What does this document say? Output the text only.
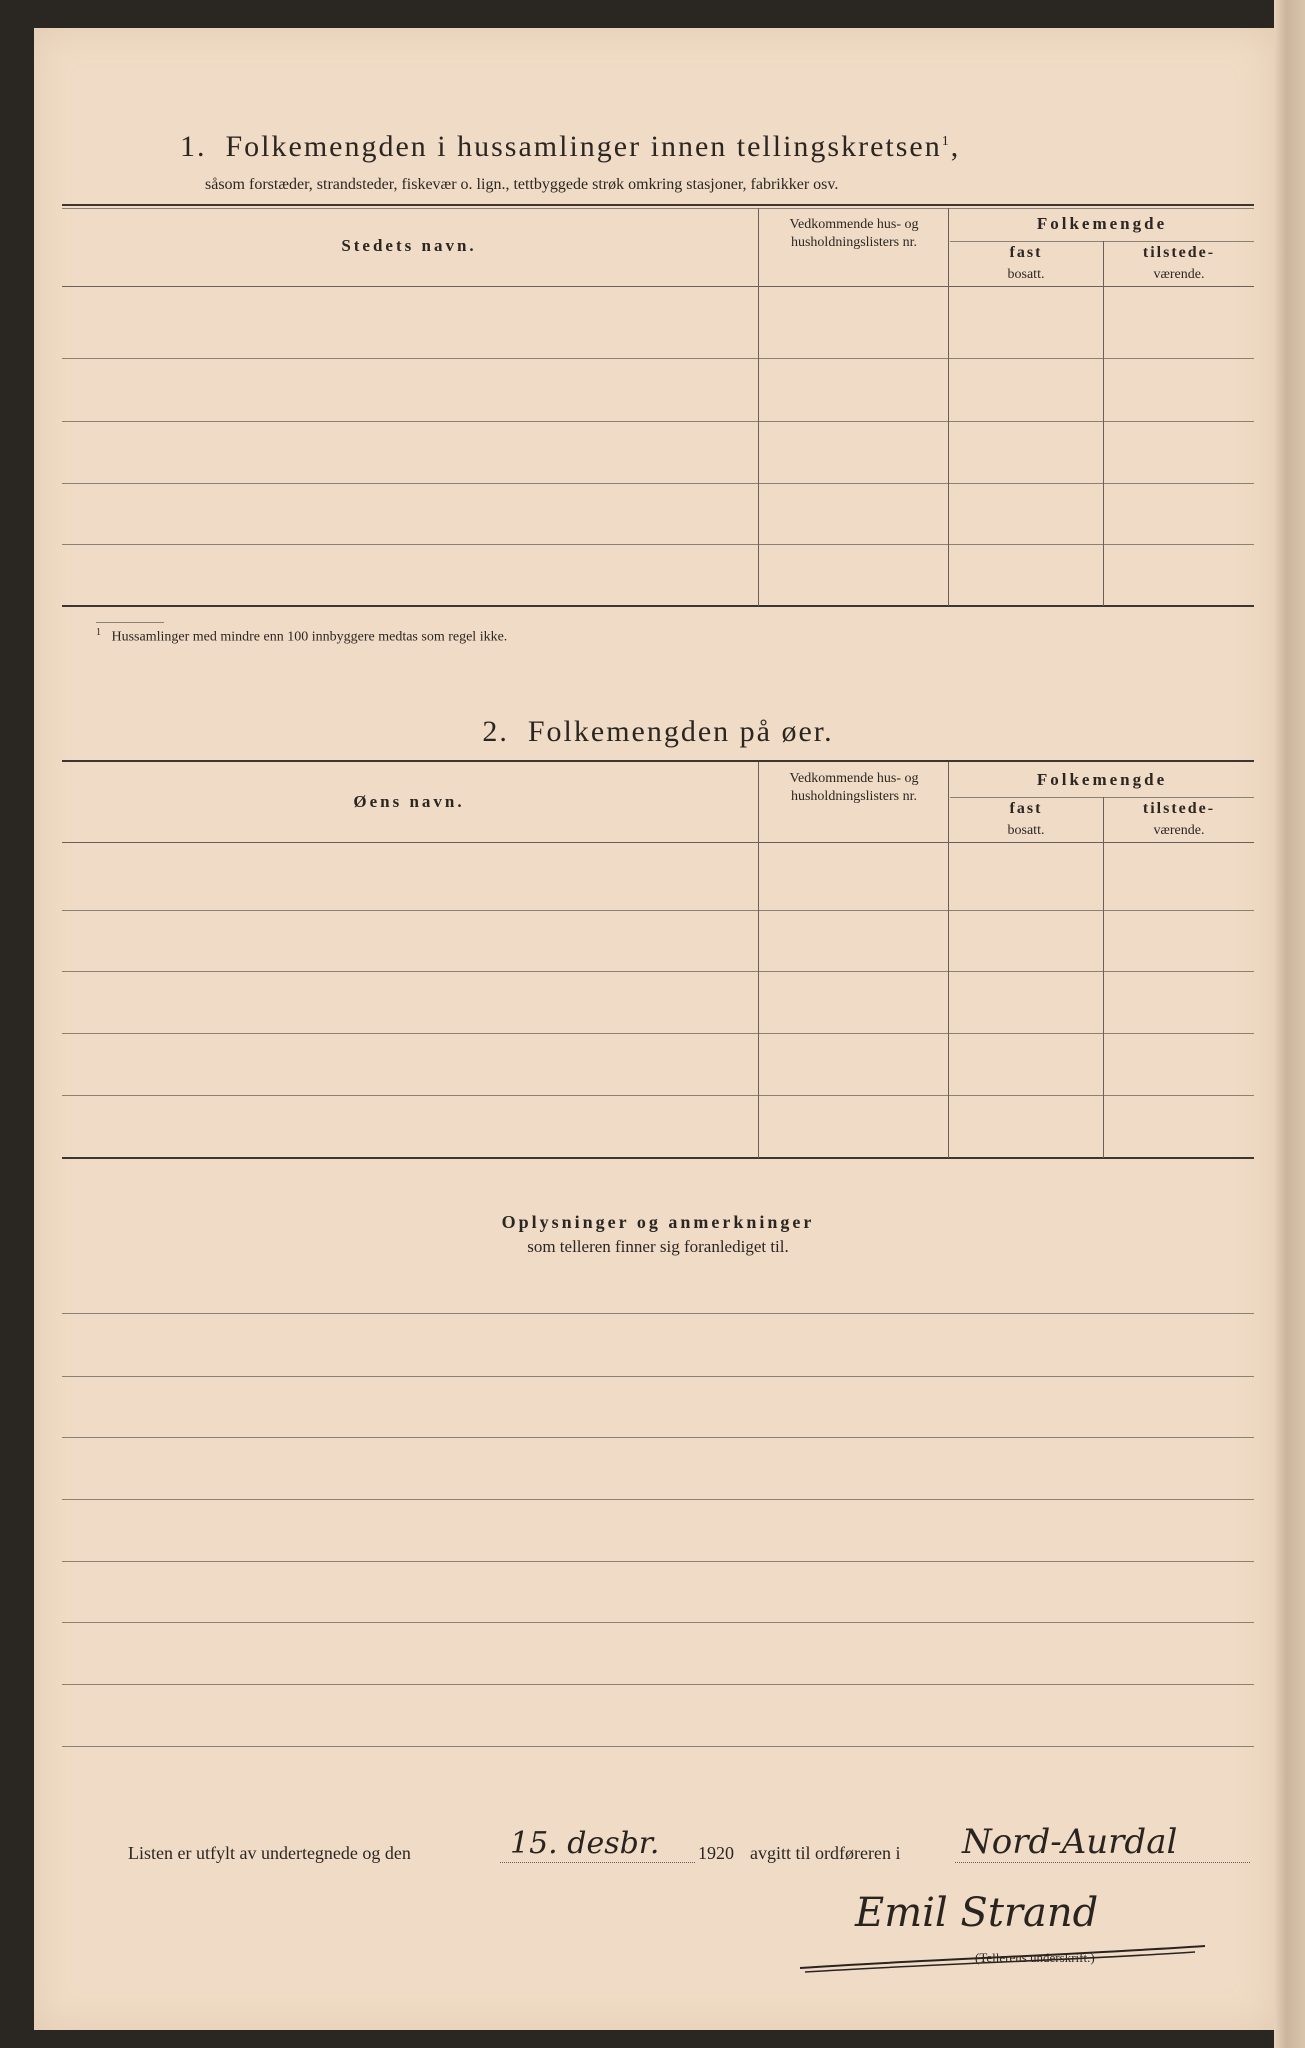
1. Folkemengden i hussamlinger innen tellingskretsen$^1$,
såsom forstæder, strandsteder, fiskevær o. lign., tettbyggede strøk omkring stasjoner, fabrikker osv.
Stedets navn.
Vedkommende hus- og husholdningslisters nr.
Folkemengde
fast
bosatt.
tilstede-
værende.
$^1$ Hussamlinger med mindre enn 100 innbyggere medtas som regel ikke.
2. Folkemengden på øer.
Øens navn.
Vedkommende hus- og husholdningslisters nr.
Folkemengde
fast
bosatt.
tilstede-
værende.
Oplysninger og anmerkninger
som telleren finner sig foranlediget til.
Listen er utfylt av undertegnede og den	15. desbr. 1920 avgitt til ordføreren i Nord-Aurdal
Emil Strand
(Tellerens underskrift.)
